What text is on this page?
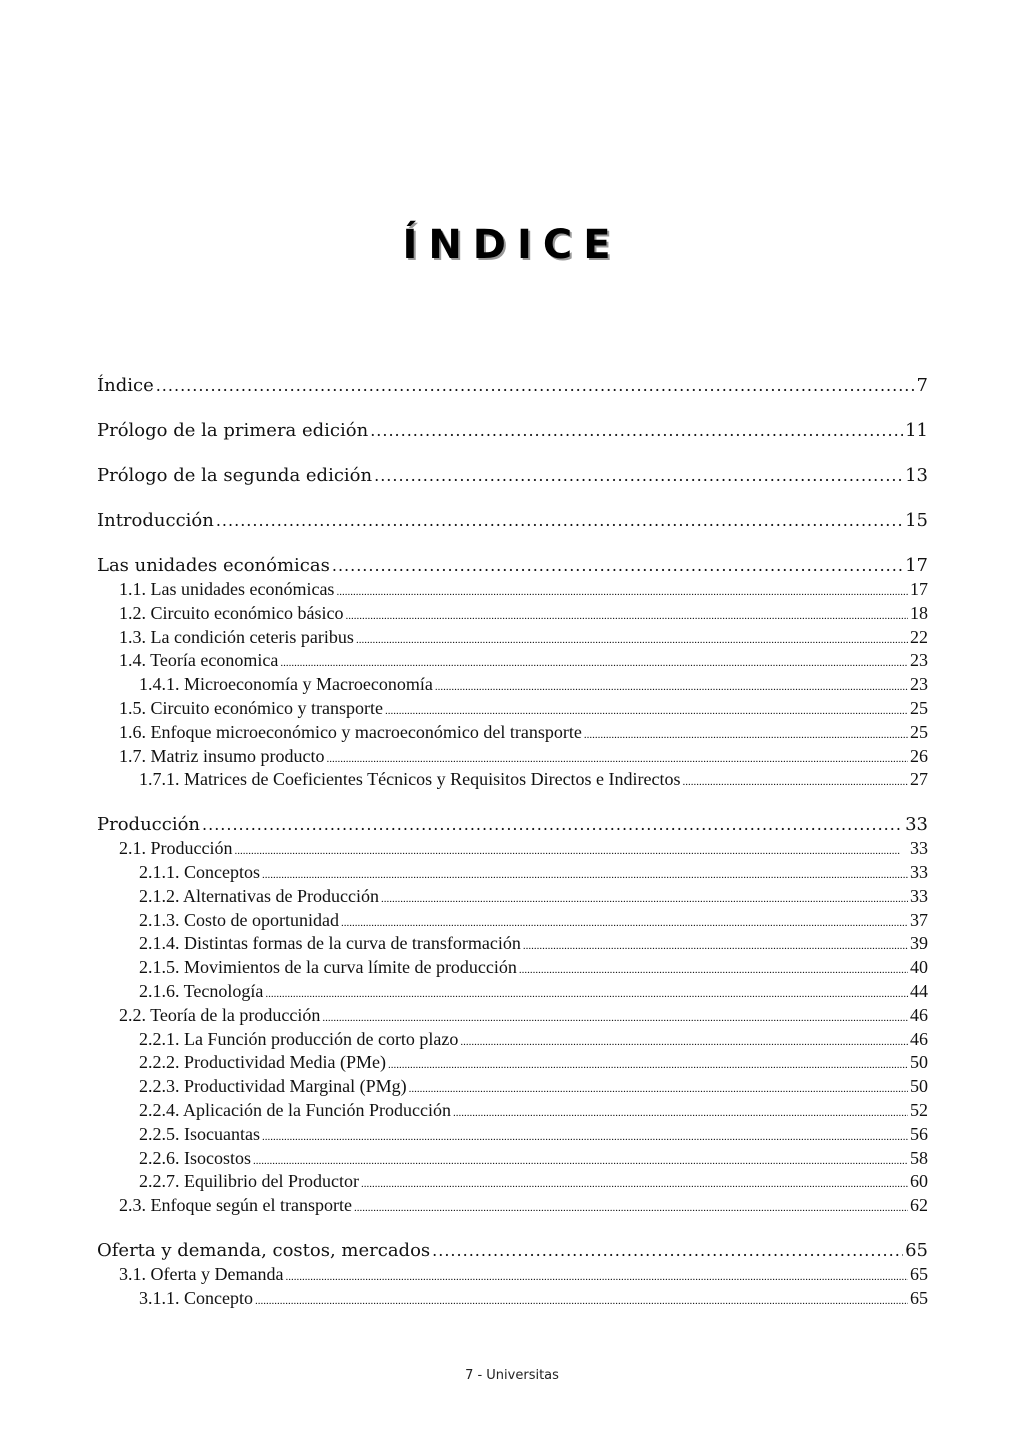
ÍNDICE
Índice .....	7
Prólogo de la primera edición .....	11
Prólogo de la segunda edición .....	13
Introducción .....	15
Las unidades económicas .....	17
1.1. Las unidades económicas .....	17
1.2. Circuito económico básico .....	18
1.3. La condición ceteris paribus .....	22
1.4. Teoría economica .....	23
1.4.1. Microeconomía y Macroeconomía .....	23
1.5. Circuito económico y transporte .....	25
1.6. Enfoque microeconómico y macroeconómico del transporte .....	25
1.7. Matriz insumo producto .....	26
1.7.1. Matrices de Coeficientes Técnicos y Requisitos Directos e Indirectos .....	27
Producción .....	33
2.1. Producción .....	33
2.1.1. Conceptos .....	33
2.1.2. Alternativas de Producción .....	33
2.1.3. Costo de oportunidad .....	37
2.1.4. Distintas formas de la curva de transformación .....	39
2.1.5. Movimientos de la curva límite de producción .....	40
2.1.6. Tecnología .....	44
2.2. Teoría de la producción .....	46
2.2.1. La Función producción de corto plazo .....	46
2.2.2. Productividad Media (PMe) .....	50
2.2.3. Productividad Marginal (PMg) .....	50
2.2.4. Aplicación de la Función Producción .....	52
2.2.5. Isocuantas .....	56
2.2.6. Isocostos .....	58
2.2.7. Equilibrio del Productor .....	60
2.3. Enfoque según el transporte .....	62
Oferta y demanda, costos, mercados .....	65
3.1. Oferta y Demanda .....	65
3.1.1. Concepto .....	65
7 - Universitas
